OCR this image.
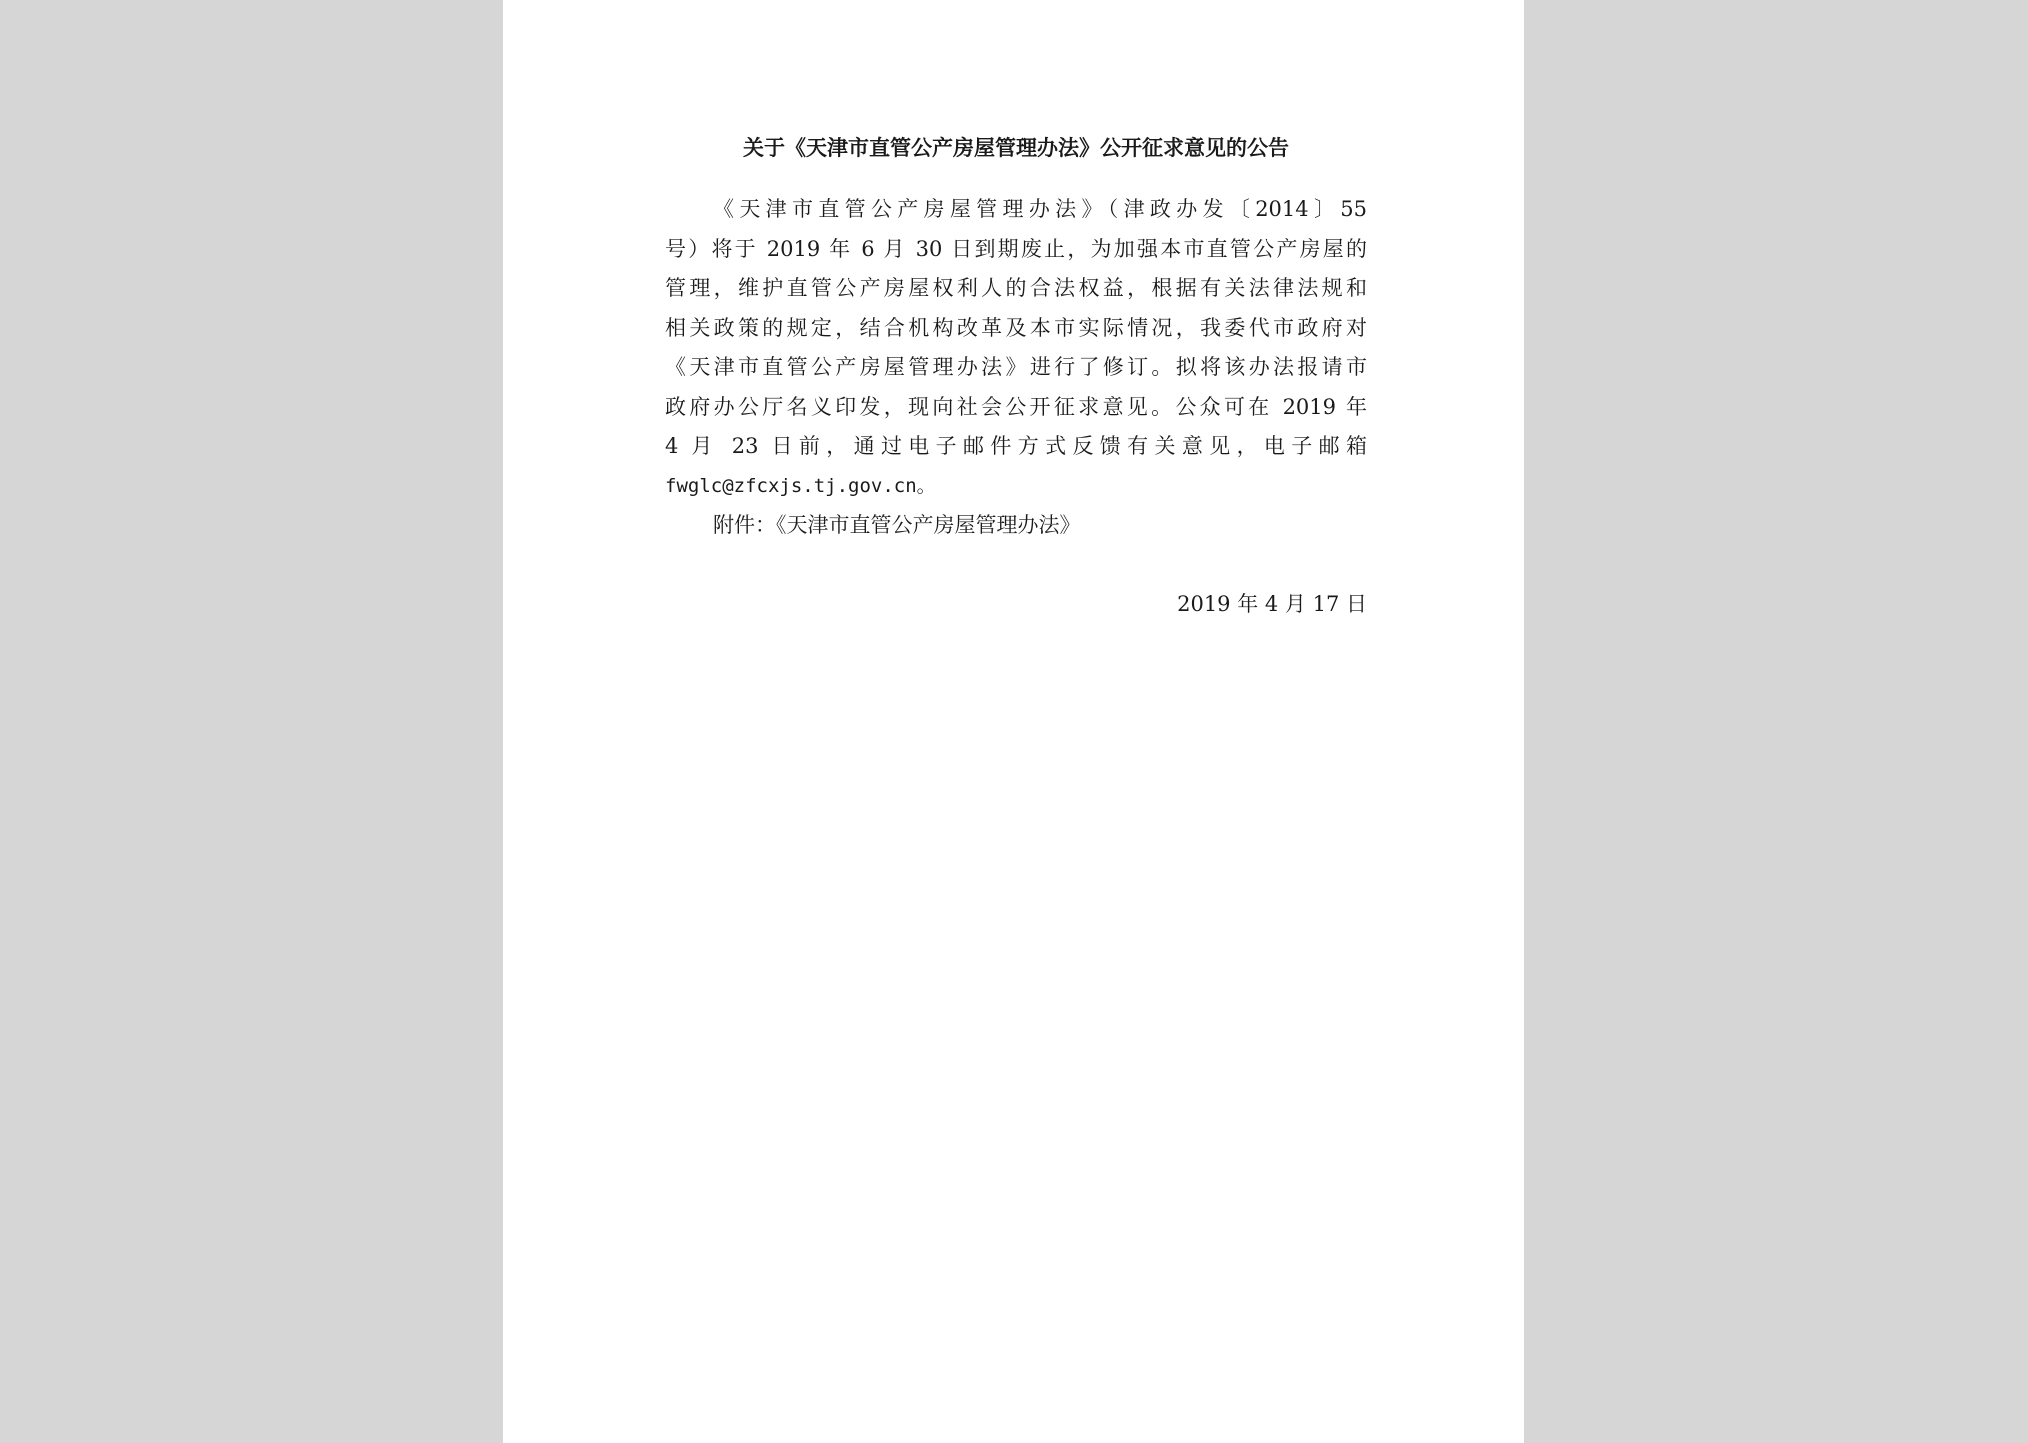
关于《天津市直管公产房屋管理办法》公开征求意见的公告
《天津市直管公产房屋管理办法》（津政办发〔2014〕55
号）将于 2019 年 6 月 30 日到期废止，为加强本市直管公产房屋的
管理，维护直管公产房屋权利人的合法权益，根据有关法律法规和
相关政策的规定，结合机构改革及本市实际情况，我委代市政府对
《天津市直管公产房屋管理办法》进行了修订。拟将该办法报请市
政府办公厅名义印发，现向社会公开征求意见。公众可在 2019 年
4 月 23 日前，通过电子邮件方式反馈有关意见，电子邮箱
fwglc@zfcxjs.tj.gov.cn。
附件：《天津市直管公产房屋管理办法》
2019 年 4 月 17 日
